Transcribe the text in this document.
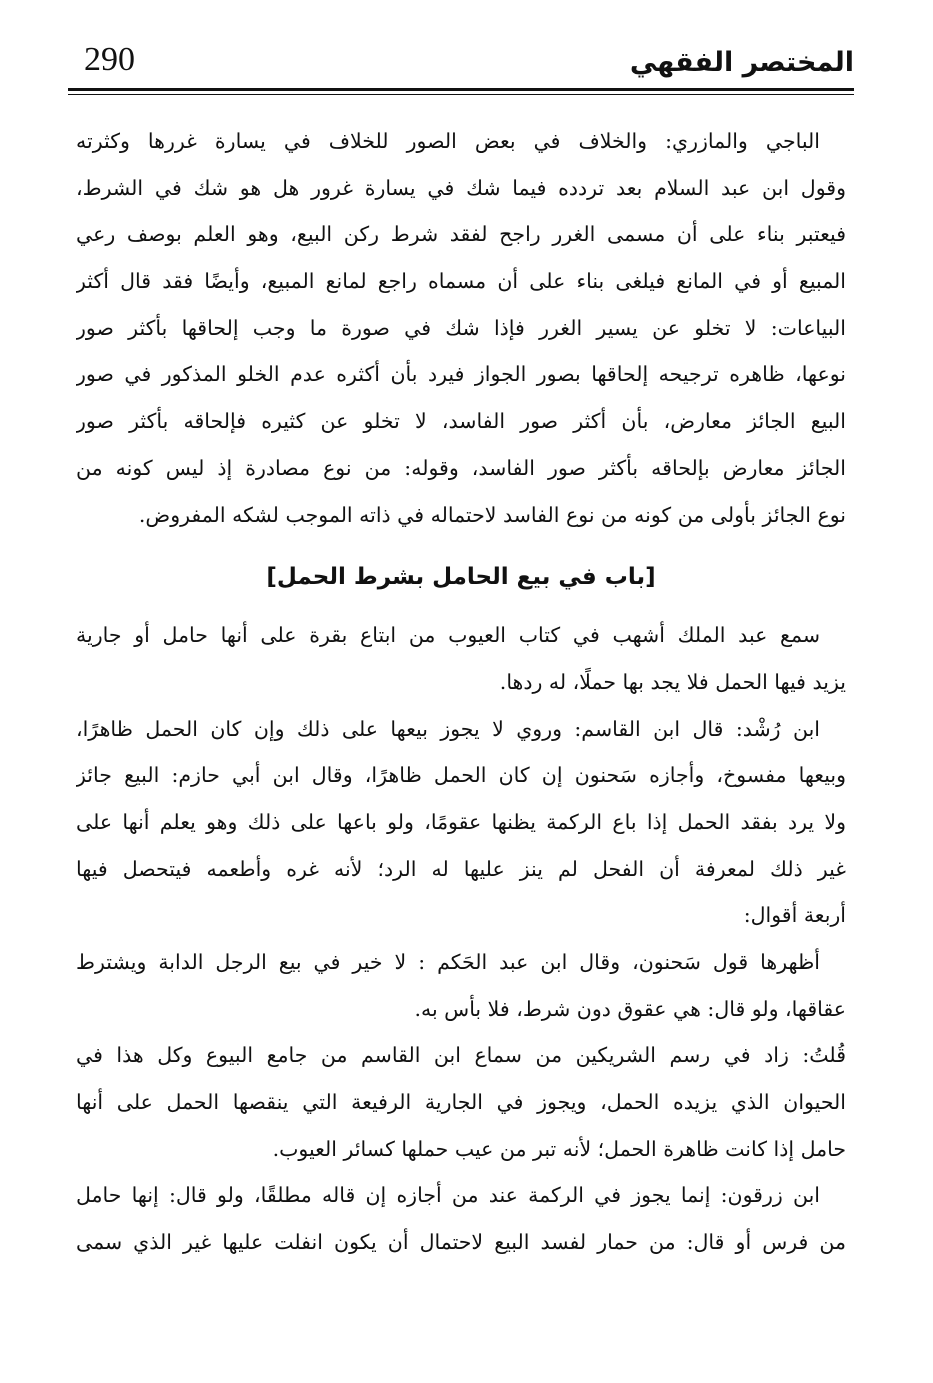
290	المختصر الفقهي
الباجي والمازري: والخلاف في بعض الصور للخلاف في يسارة غررها وكثرته
وقول ابن عبد السلام بعد تردده فيما شك في يسارة غرور هل هو شك في الشرط،
فيعتبر بناء على أن مسمى الغرر راجح لفقد شرط ركن البيع، وهو العلم بوصف رعي
المبيع أو في المانع فيلغى بناء على أن مسماه راجع لمانع المبيع، وأيضًا فقد قال أكثر
البياعات: لا تخلو عن يسير الغرر فإذا شك في صورة ما وجب إلحاقها بأكثر صور
نوعها، ظاهره ترجيحه إلحاقها بصور الجواز فيرد بأن أكثره عدم الخلو المذكور في صور
البيع الجائز معارض، بأن أكثر صور الفاسد، لا تخلو عن كثيره فإلحاقه بأكثر صور
الجائز معارض بإلحاقه بأكثر صور الفاسد، وقوله: من نوع مصادرة إذ ليس كونه من
نوع الجائز بأولى من كونه من نوع الفاسد لاحتماله في ذاته الموجب لشكه المفروض.
[باب في بيع الحامل بشرط الحمل]
سمع عبد الملك أشهب في كتاب العيوب من ابتاع بقرة على أنها حامل أو جارية
يزيد فيها الحمل فلا يجد بها حملًا، له ردها.
ابن رُشْد: قال ابن القاسم: وروي لا يجوز بيعها على ذلك وإن كان الحمل ظاهرًا،
وبيعها مفسوخ، وأجازه سَحنون إن كان الحمل ظاهرًا، وقال ابن أبي حازم: البيع جائز
ولا يرد بفقد الحمل إذا باع الركمة يظنها عقومًا، ولو باعها على ذلك وهو يعلم أنها على
غير ذلك لمعرفة أن الفحل لم ينز عليها له الرد؛ لأنه غره وأطعمه فيتحصل فيها
أربعة أقوال:
أظهرها قول سَحنون، وقال ابن عبد الحَكم : لا خير في بيع الرجل الدابة ويشترط
عقاقها، ولو قال: هي عقوق دون شرط، فلا بأس به.
قُلتُ: زاد في رسم الشريكين من سماع ابن القاسم من جامع البيوع وكل هذا في
الحيوان الذي يزيده الحمل، ويجوز في الجارية الرفيعة التي ينقصها الحمل على أنها
حامل إذا كانت ظاهرة الحمل؛ لأنه تبر من عيب حملها كسائر العيوب.
ابن زرقون: إنما يجوز في الركمة عند من أجازه إن قاله مطلقًا، ولو قال: إنها حامل
من فرس أو قال: من حمار لفسد البيع لاحتمال أن يكون انفلت عليها غير الذي سمى
